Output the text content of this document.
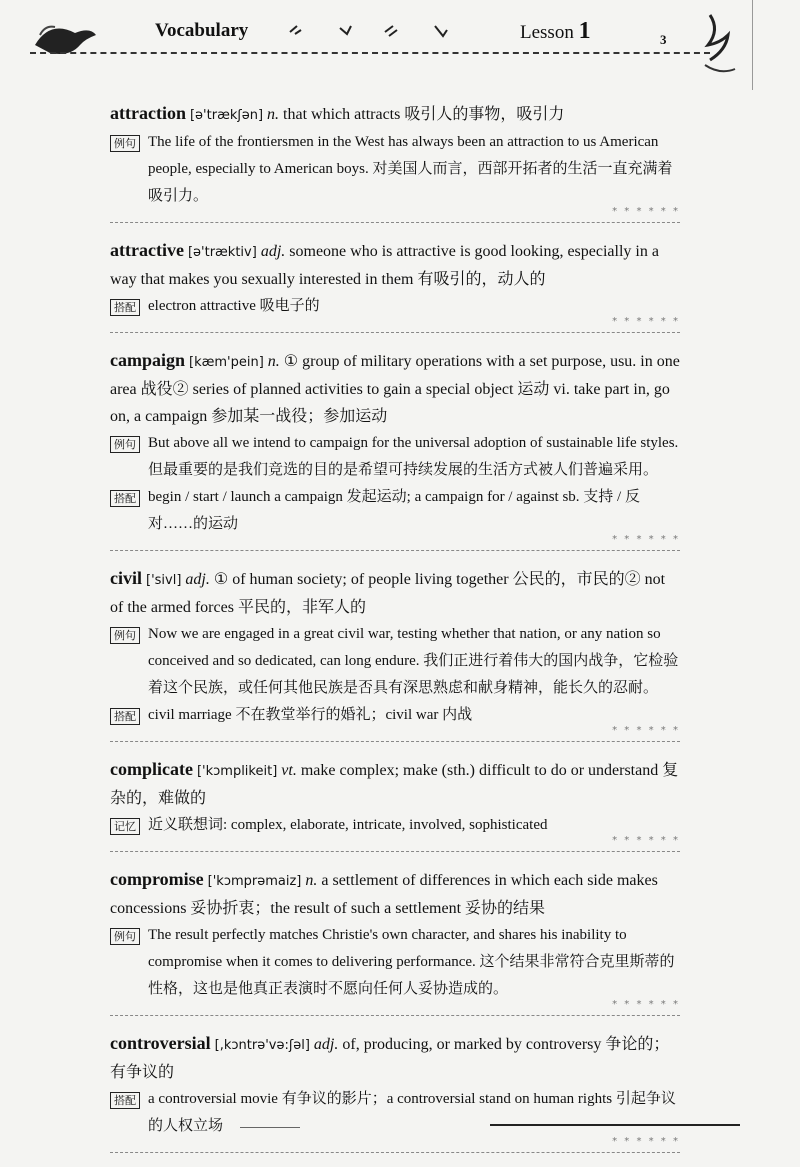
Vocabulary	Lesson 1	3
attraction [ə'trækʃən] n. that which attracts 吸引人的事物，吸引力
例句 The life of the frontiersmen in the West has always been an attraction to us American people, especially to American boys. 对美国人而言，西部开拓者的生活一直充满着吸引力。
* * * * * *
attractive [ə'træktiv] adj. someone who is attractive is good looking, especially in a way that makes you sexually interested in them 有吸引的，动人的
搭配 electron attractive 吸电子的
* * * * * *
campaign [kæm'pein] n. ① group of military operations with a set purpose, usu. in one area 战役② series of planned activities to gain a special object 运动 vi. take part in, go on, a campaign 参加某一战役；参加运动
例句 But above all we intend to campaign for the universal adoption of sustainable life styles. 但最重要的是我们竞选的目的是希望可持续发展的生活方式被人们普遍采用。
搭配 begin / start / launch a campaign 发起运动; a campaign for / against sb. 支持 / 反对……的运动
* * * * * *
civil ['sivl] adj. ① of human society; of people living together 公民的，市民的② not of the armed forces 平民的，非军人的
例句 Now we are engaged in a great civil war, testing whether that nation, or any nation so conceived and so dedicated, can long endure. 我们正进行着伟大的国内战争，它检验着这个民族，或任何其他民族是否具有深思熟虑和献身精神，能长久的忍耐。
搭配 civil marriage 不在教堂举行的婚礼；civil war 内战
* * * * * *
complicate ['kɔmplikeit] vt. make complex; make (sth.) difficult to do or understand 复杂的，难做的
记忆 近义联想词: complex, elaborate, intricate, involved, sophisticated
* * * * * *
compromise ['kɔmprəmaiz] n. a settlement of differences in which each side makes concessions 妥协折衷；the result of such a settlement 妥协的结果
例句 The result perfectly matches Christie's own character, and shares his inability to compromise when it comes to delivering performance. 这个结果非常符合克里斯蒂的性格，这也是他真正表演时不愿向任何人妥协造成的。
* * * * * *
controversial [,kɔntrə'və:ʃəl] adj. of, producing, or marked by controversy 争论的；有争议的
搭配 a controversial movie 有争议的影片；a controversial stand on human rights 引起争议的人权立场
* * * * * *
